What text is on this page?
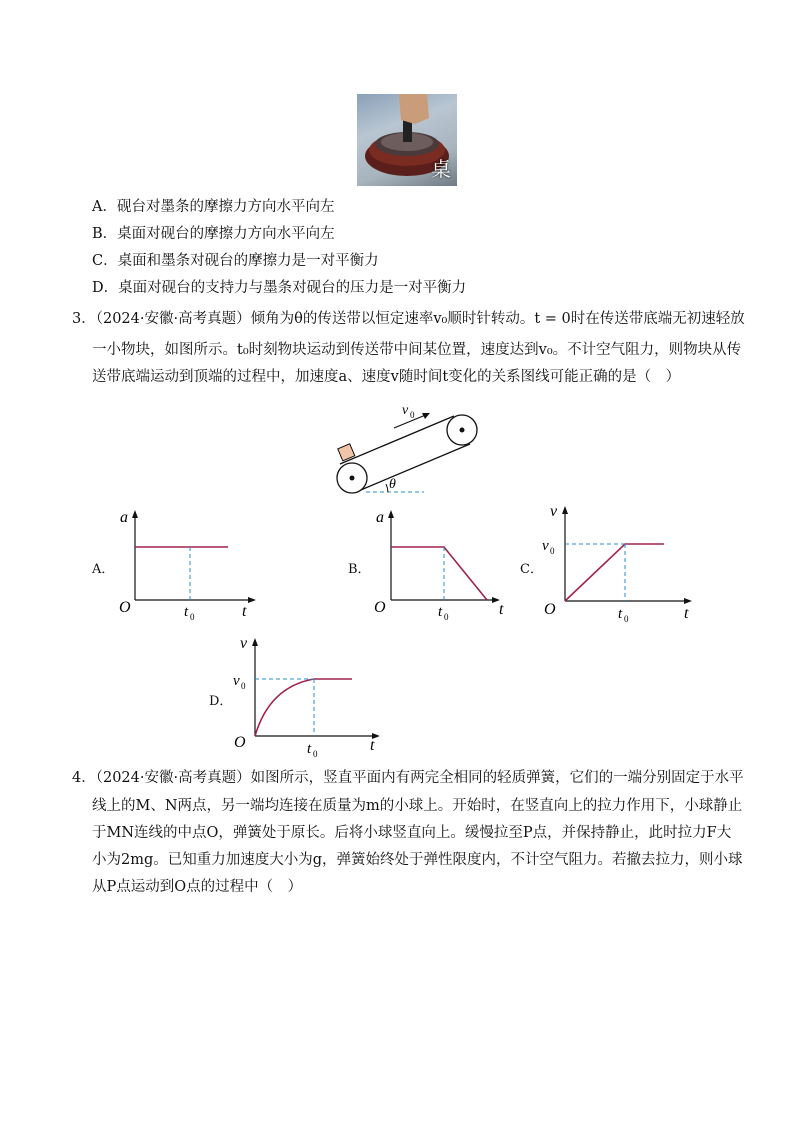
桌
A．砚台对墨条的摩擦力方向水平向左
B．桌面对砚台的摩擦力方向水平向左
C．桌面和墨条对砚台的摩擦力是一对平衡力
D．桌面对砚台的支持力与墨条对砚台的压力是一对平衡力
3．（2024·安徽·高考真题）倾角为θ的传送带以恒定速率v₀顺时针转动。t = 0时在传送带底端无初速轻放
一小物块，如图所示。t₀时刻物块运动到传送带中间某位置，速度达到v₀。不计空气阻力，则物块从传
送带底端运动到顶端的过程中，加速度a、速度v随时间t变化的关系图线可能正确的是（　）
θ
v 0
A．
a
t
O	t 0
B．
a
t
O	t 0
C．
v
t
O
v 0
t 0
D．
v
t
O
v 0
t 0
4．（2024·安徽·高考真题）如图所示，竖直平面内有两完全相同的轻质弹簧，它们的一端分别固定于水平
线上的M、N两点，另一端均连接在质量为m的小球上。开始时，在竖直向上的拉力作用下，小球静止
于MN连线的中点O，弹簧处于原长。后将小球竖直向上。缓慢拉至P点，并保持静止，此时拉力F大
小为2mg。已知重力加速度大小为g，弹簧始终处于弹性限度内，不计空气阻力。若撤去拉力，则小球
从P点运动到O点的过程中（　）
